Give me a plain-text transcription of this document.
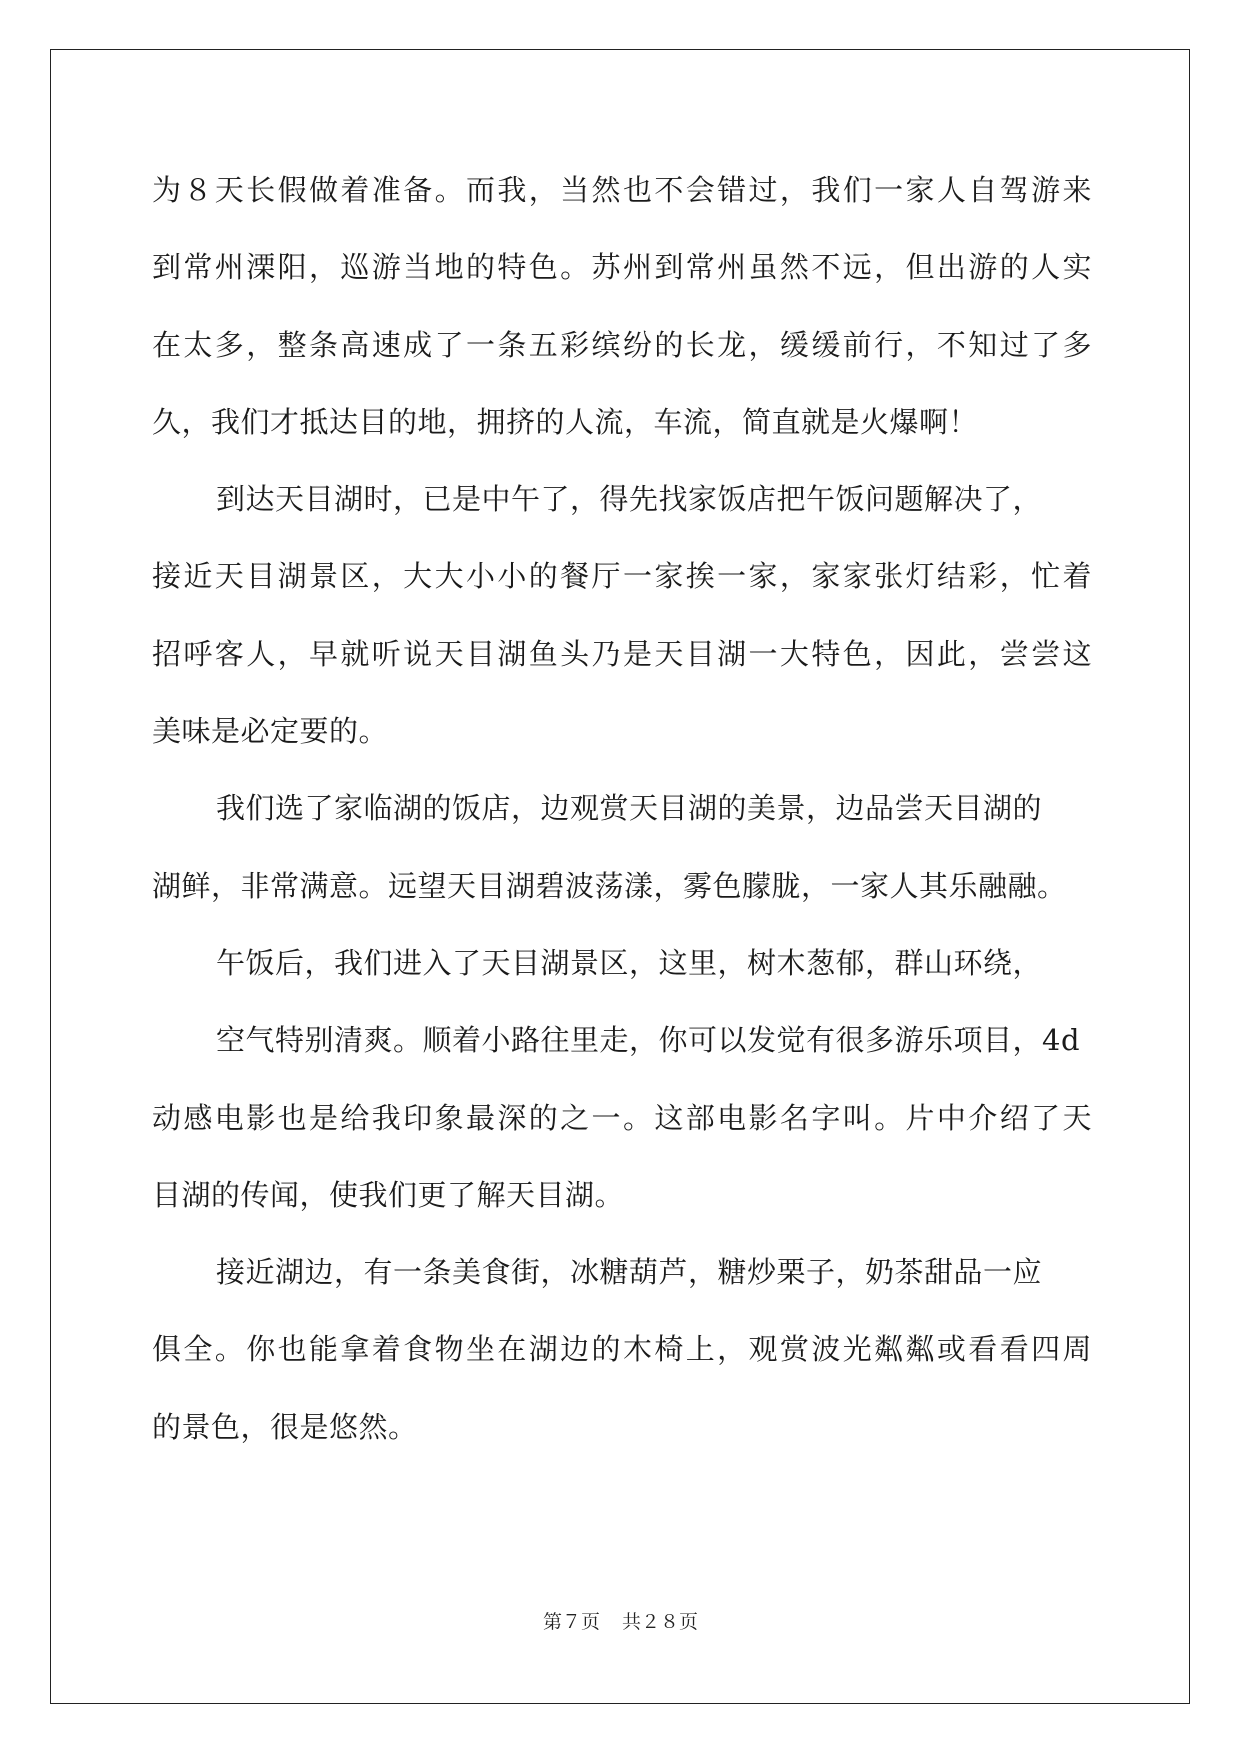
为８天长假做着准备。而我，当然也不会错过，我们一家人自驾游来
到常州溧阳，巡游当地的特色。苏州到常州虽然不远，但出游的人实
在太多，整条高速成了一条五彩缤纷的长龙，缓缓前行，不知过了多
久，我们才抵达目的地，拥挤的人流，车流，简直就是火爆啊！
到达天目湖时，已是中午了，得先找家饭店把午饭问题解决了，
接近天目湖景区，大大小小的餐厅一家挨一家，家家张灯结彩，忙着
招呼客人，早就听说天目湖鱼头乃是天目湖一大特色，因此，尝尝这
美味是必定要的。
我们选了家临湖的饭店，边观赏天目湖的美景，边品尝天目湖的
湖鲜，非常满意。远望天目湖碧波荡漾，雾色朦胧，一家人其乐融融。
午饭后，我们进入了天目湖景区，这里，树木葱郁，群山环绕，
空气特别清爽。顺着小路往里走，你可以发觉有很多游乐项目，4d
动感电影也是给我印象最深的之一。这部电影名字叫。片中介绍了天
目湖的传闻，使我们更了解天目湖。
接近湖边，有一条美食街，冰糖葫芦，糖炒栗子，奶茶甜品一应
俱全。你也能拿着食物坐在湖边的木椅上，观赏波光粼粼或看看四周
的景色，很是悠然。
第７页 共２８页
